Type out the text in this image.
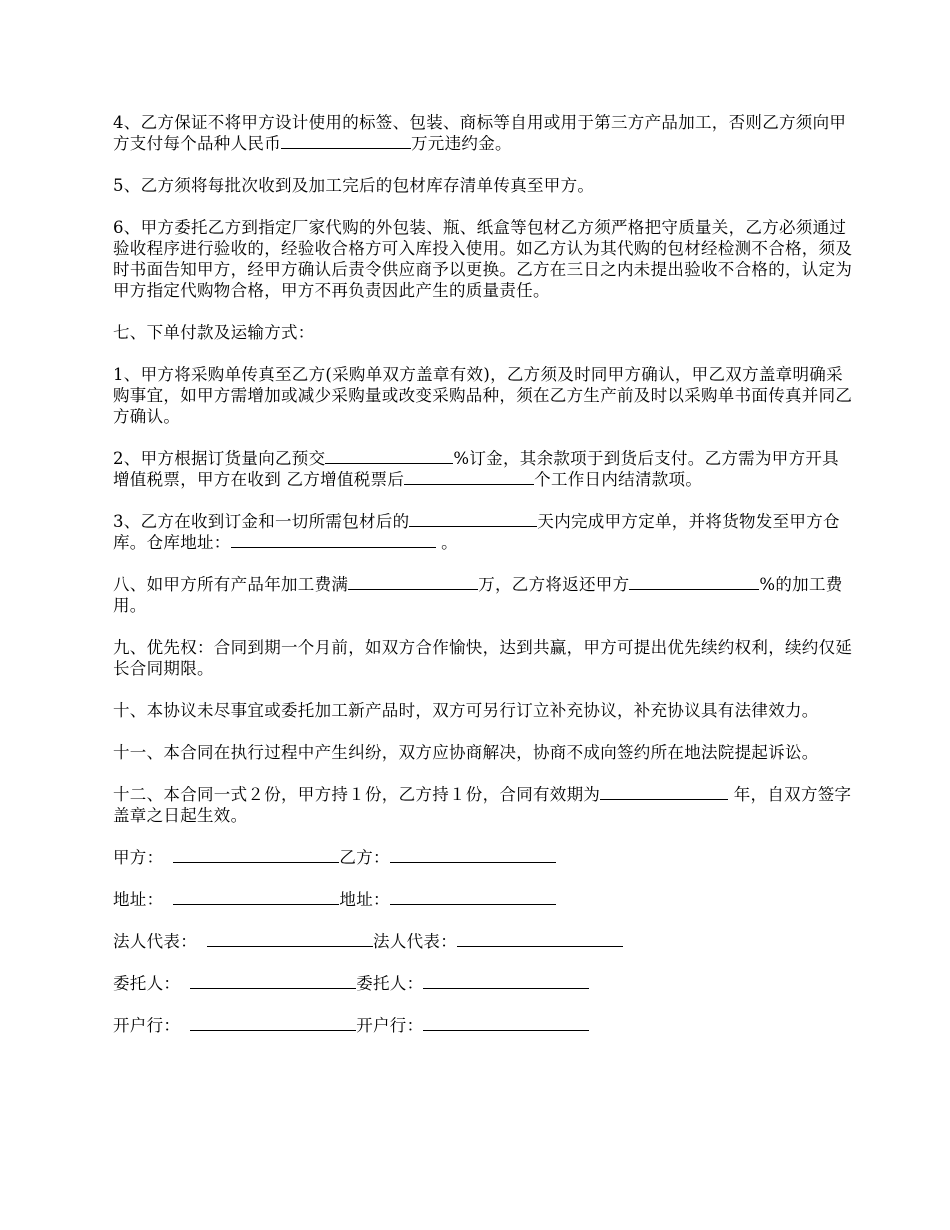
4、乙方保证不将甲方设计使用的标签、包装、商标等自用或用于第三方产品加工，否则乙方须向甲方支付每个品种人民币	万元违约金。

5、乙方须将每批次收到及加工完后的包材库存清单传真至甲方。

6、甲方委托乙方到指定厂家代购的外包装、瓶、纸盒等包材乙方须严格把守质量关，乙方必须通过验收程序进行验收的，经验收合格方可入库投入使用。如乙方认为其代购的包材经检测不合格，须及时书面告知甲方，经甲方确认后责令供应商予以更换。乙方在三日之内未提出验收不合格的，认定为甲方指定代购物合格，甲方不再负责因此产生的质量责任。

七、下单付款及运输方式：

1、甲方将采购单传真至乙方(采购单双方盖章有效)，乙方须及时同甲方确认，甲乙双方盖章明确采购事宜，如甲方需增加或减少采购量或改变采购品种，须在乙方生产前及时以采购单书面传真并同乙方确认。

2、甲方根据订货量向乙预交	%订金，其余款项于到货后支付。乙方需为甲方开具增值税票，甲方在收到 乙方增值税票后	个工作日内结清款项。

3、乙方在收到订金和一切所需包材后的	天内完成甲方定单，并将货物发至甲方仓库。仓库地址：	。

八、如甲方所有产品年加工费满	万，乙方将返还甲方	%的加工费用。

九、优先权：合同到期一个月前，如双方合作愉快，达到共赢，甲方可提出优先续约权利，续约仅延长合同期限。

十、本协议未尽事宜或委托加工新产品时，双方可另行订立补充协议，补充协议具有法律效力。

十一、本合同在执行过程中产生纠纷，双方应协商解决，协商不成向签约所在地法院提起诉讼。

十二、本合同一式２份，甲方持１份，乙方持１份，合同有效期为	年，自双方签字盖章之日起生效。

甲方：	乙方：
地址：	地址：
法人代表：	法人代表：
委托人：	委托人：
开户行：	开户行：
